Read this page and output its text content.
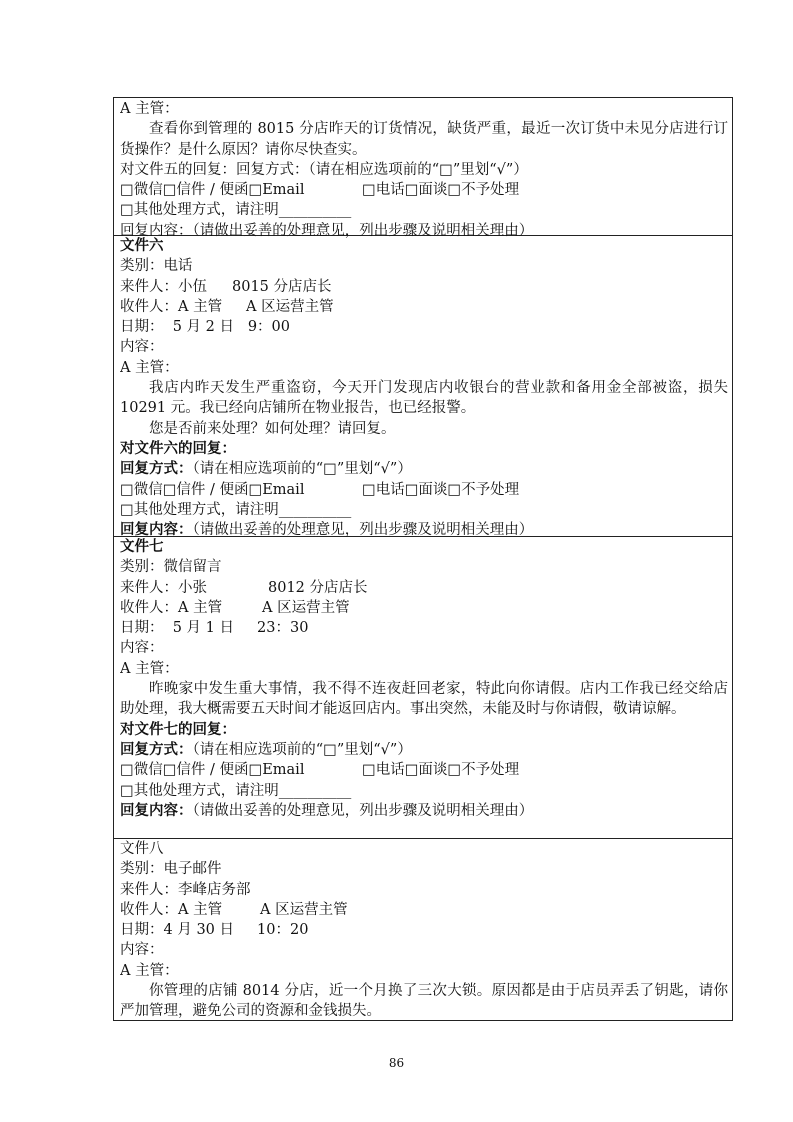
A 主管：
查看你到管理的 8015 分店昨天的订货情况，缺货严重，最近一次订货中未见分店进行订货操作？是什么原因？请你尽快查实。
对文件五的回复：回复方式：（请在相应选项前的“□”里划“√”）
□微信□信件 / 便函□Email	□电话□面谈□不予处理
□其他处理方式，请注明__________
回复内容：（请做出妥善的处理意见，列出步骤及说明相关理由）
文件六
类别：电话
来件人：小伍 8015 分店店长
收件人：A 主管 A 区运营主管
日期：  5 月 2 日   9：00
内容：
A 主管：
我店内昨天发生严重盗窃，今天开门发现店内收银台的营业款和备用金全部被盗，损失 10291 元。我已经向店铺所在物业报告，也已经报警。
您是否前来处理？如何处理？请回复。
对文件六的回复：
回复方式：（请在相应选项前的“□”里划“√”）
□微信□信件 / 便函□Email	□电话□面谈□不予处理
□其他处理方式，请注明__________
回复内容：（请做出妥善的处理意见，列出步骤及说明相关理由）
文件七
类别：微信留言
来件人：小张	8012 分店店长
收件人：A 主管	A 区运营主管
日期：  5 月 1 日     23：30
内容：
A 主管：
昨晚家中发生重大事情，我不得不连夜赶回老家，特此向你请假。店内工作我已经交给店助处理，我大概需要五天时间才能返回店内。事出突然，未能及时与你请假，敬请谅解。
对文件七的回复：
回复方式：（请在相应选项前的“□”里划“√”）
□微信□信件 / 便函□Email	□电话□面谈□不予处理
□其他处理方式，请注明__________
回复内容：（请做出妥善的处理意见，列出步骤及说明相关理由）
文件八
类别：电子邮件
来件人：李峰店务部
收件人：A 主管	A 区运营主管
日期：4 月 30 日     10：20
内容：
A 主管：
你管理的店铺 8014 分店，近一个月换了三次大锁。原因都是由于店员弄丢了钥匙，请你严加管理，避免公司的资源和金钱损失。
86
